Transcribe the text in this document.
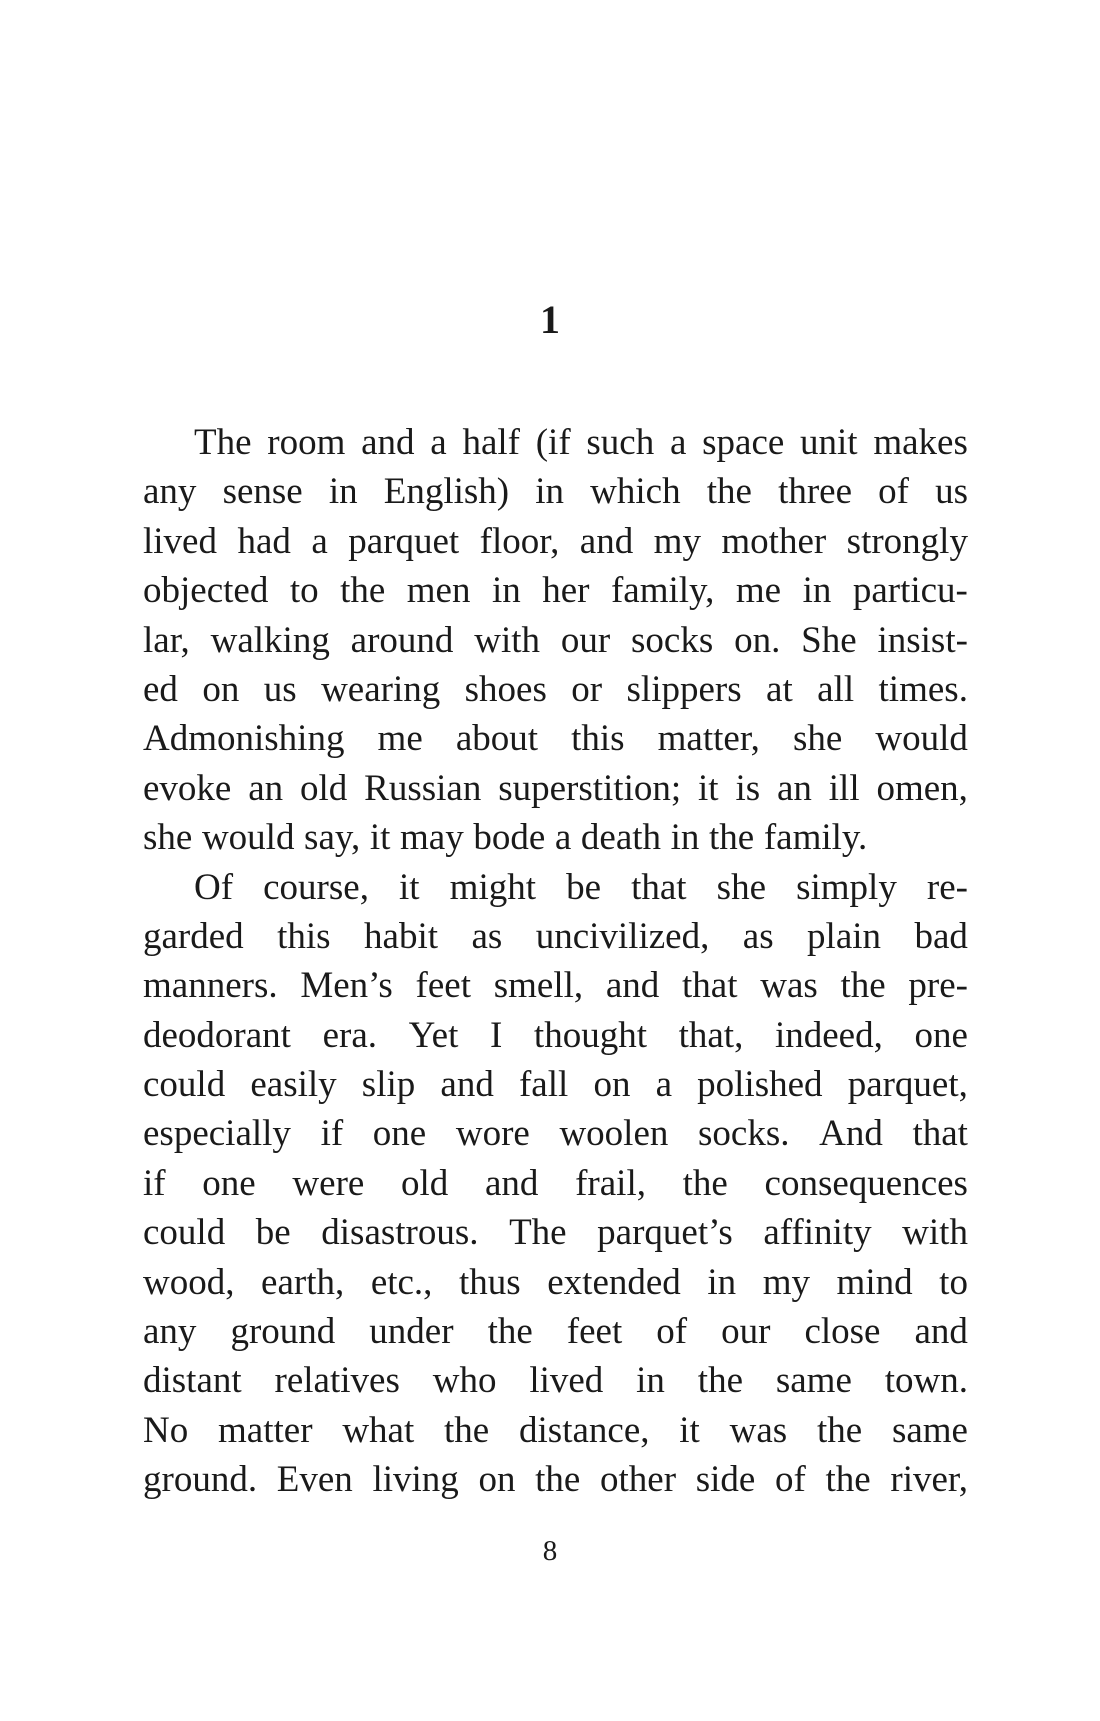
1
The room and a half (if such a space unit makes
any sense in English) in which the three of us
lived had a parquet floor, and my mother strongly
objected to the men in her family, me in particu-
lar, walking around with our socks on. She insist-
ed on us wearing shoes or slippers at all times.
Admonishing me about this matter, she would
evoke an old Russian superstition; it is an ill omen,
she would say, it may bode a death in the family.
Of course, it might be that she simply re-
garded this habit as uncivilized, as plain bad
manners. Men’s feet smell, and that was the pre-
deodorant era. Yet I thought that, indeed, one
could easily slip and fall on a polished parquet,
especially if one wore woolen socks. And that
if one were old and frail, the consequences
could be disastrous. The parquet’s affinity with
wood, earth, etc., thus extended in my mind to
any ground under the feet of our close and
distant relatives who lived in the same town.
No matter what the distance, it was the same
ground. Even living on the other side of the river,
8
